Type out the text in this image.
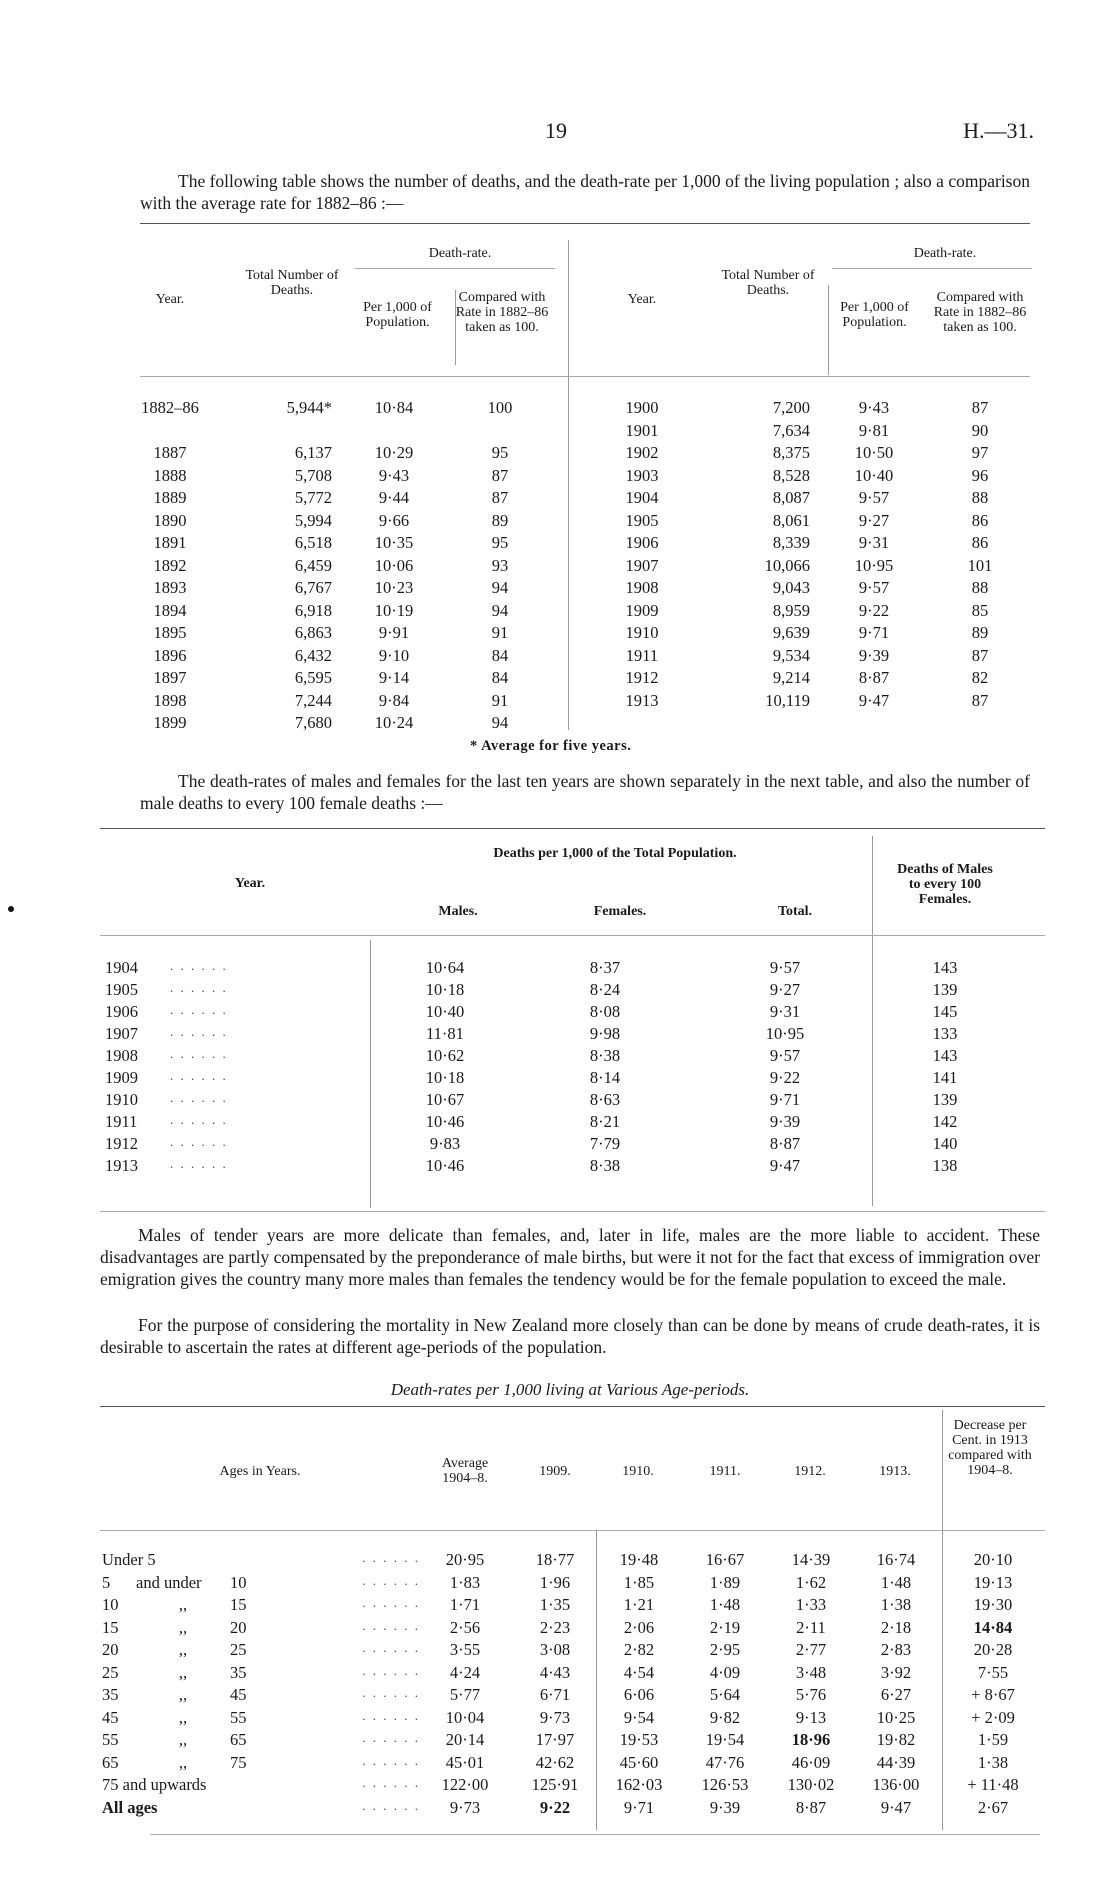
19	H.—31.
The following table shows the number of deaths, and the death-rate per 1,000 of the living population ; also a comparison with the average rate for 1882–86 :—
Year.
Total Number of Deaths.
Death-rate.
Per 1,000 of Population.
Compared with Rate in 1882–86 taken as 100.
Year.
Total Number of Deaths.
Death-rate.
Per 1,000 of Population.
Compared with Rate in 1882–86 taken as 100.
1882–86	5,944*	10·84	100
1887	6,137	10·29	95
1888	5,708	9·43	87
1889	5,772	9·44	87
1890	5,994	9·66	89
1891	6,518	10·35	95
1892	6,459	10·06	93
1893	6,767	10·23	94
1894	6,918	10·19	94
1895	6,863	9·91	91
1896	6,432	9·10	84
1897	6,595	9·14	84
1898	7,244	9·84	91
1899	7,680	10·24	94
1900	7,200	9·43	87
1901	7,634	9·81	90
1902	8,375	10·50	97
1903	8,528	10·40	96
1904	8,087	9·57	88
1905	8,061	9·27	86
1906	8,339	9·31	86
1907	10,066	10·95	101
1908	9,043	9·57	88
1909	8,959	9·22	85
1910	9,639	9·71	89
1911	9,534	9·39	87
1912	9,214	8·87	82
1913	10,119	9·47	87
* Average for five years.
The death-rates of males and females for the last ten years are shown separately in the next table, and also the number of male deaths to every 100 female deaths :—
Year.
Deaths per 1,000 of the Total Population.
Males.	Females.	Total.
Deaths of Males to every 100 Females.
1904	. . . . . .	10·64	8·37	9·57	143
1905	. . . . . .	10·18	8·24	9·27	139
1906	. . . . . .	10·40	8·08	9·31	145
1907	. . . . . .	11·81	9·98	10·95	133
1908	. . . . . .	10·62	8·38	9·57	143
1909	. . . . . .	10·18	8·14	9·22	141
1910	. . . . . .	10·67	8·63	9·71	139
1911	. . . . . .	10·46	8·21	9·39	142
1912	. . . . . .	9·83	7·79	8·87	140
1913	. . . . . .	10·46	8·38	9·47	138
Males of tender years are more delicate than females, and, later in life, males are the more liable to accident. These disadvantages are partly compensated by the preponderance of male births, but were it not for the fact that excess of immigration over emigration gives the country many more males than females the tendency would be for the female population to exceed the male.
For the purpose of considering the mortality in New Zealand more closely than can be done by means of crude death-rates, it is desirable to ascertain the rates at different age-periods of the population.
Death-rates per 1,000 living at Various Age-periods.
Ages in Years.
Average 1904–8.	1909.	1910.	1911.	1912.	1913.
Decrease per Cent. in 1913 compared with 1904–8.
Under 5	. . . . . .	20·95	18·77	19·48	16·67	14·39	16·74	20·10
5 and under 10	. . . . . .	1·83	1·96	1·85	1·89	1·62	1·48	19·13
10	,,	15	. . . . . .	1·71	1·35	1·21	1·48	1·33	1·38	19·30
15	,,	20	. . . . . .	2·56	2·23	2·06	2·19	2·11	2·18	14·84
20	,,	25	. . . . . .	3·55	3·08	2·82	2·95	2·77	2·83	20·28
25	,,	35	. . . . . .	4·24	4·43	4·54	4·09	3·48	3·92	7·55
35	,,	45	. . . . . .	5·77	6·71	6·06	5·64	5·76	6·27	+ 8·67
45	,,	55	. . . . . .	10·04	9·73	9·54	9·82	9·13	10·25	+ 2·09
55	,,	65	. . . . . .	20·14	17·97	19·53	19·54	18·96	19·82	1·59
65	,,	75	. . . . . .	45·01	42·62	45·60	47·76	46·09	44·39	1·38
75 and upwards	. . . . . .	122·00	125·91	162·03	126·53	130·02	136·00	+ 11·48
All ages	. . . . . .	9·73	9·22	9·71	9·39	8·87	9·47	2·67
